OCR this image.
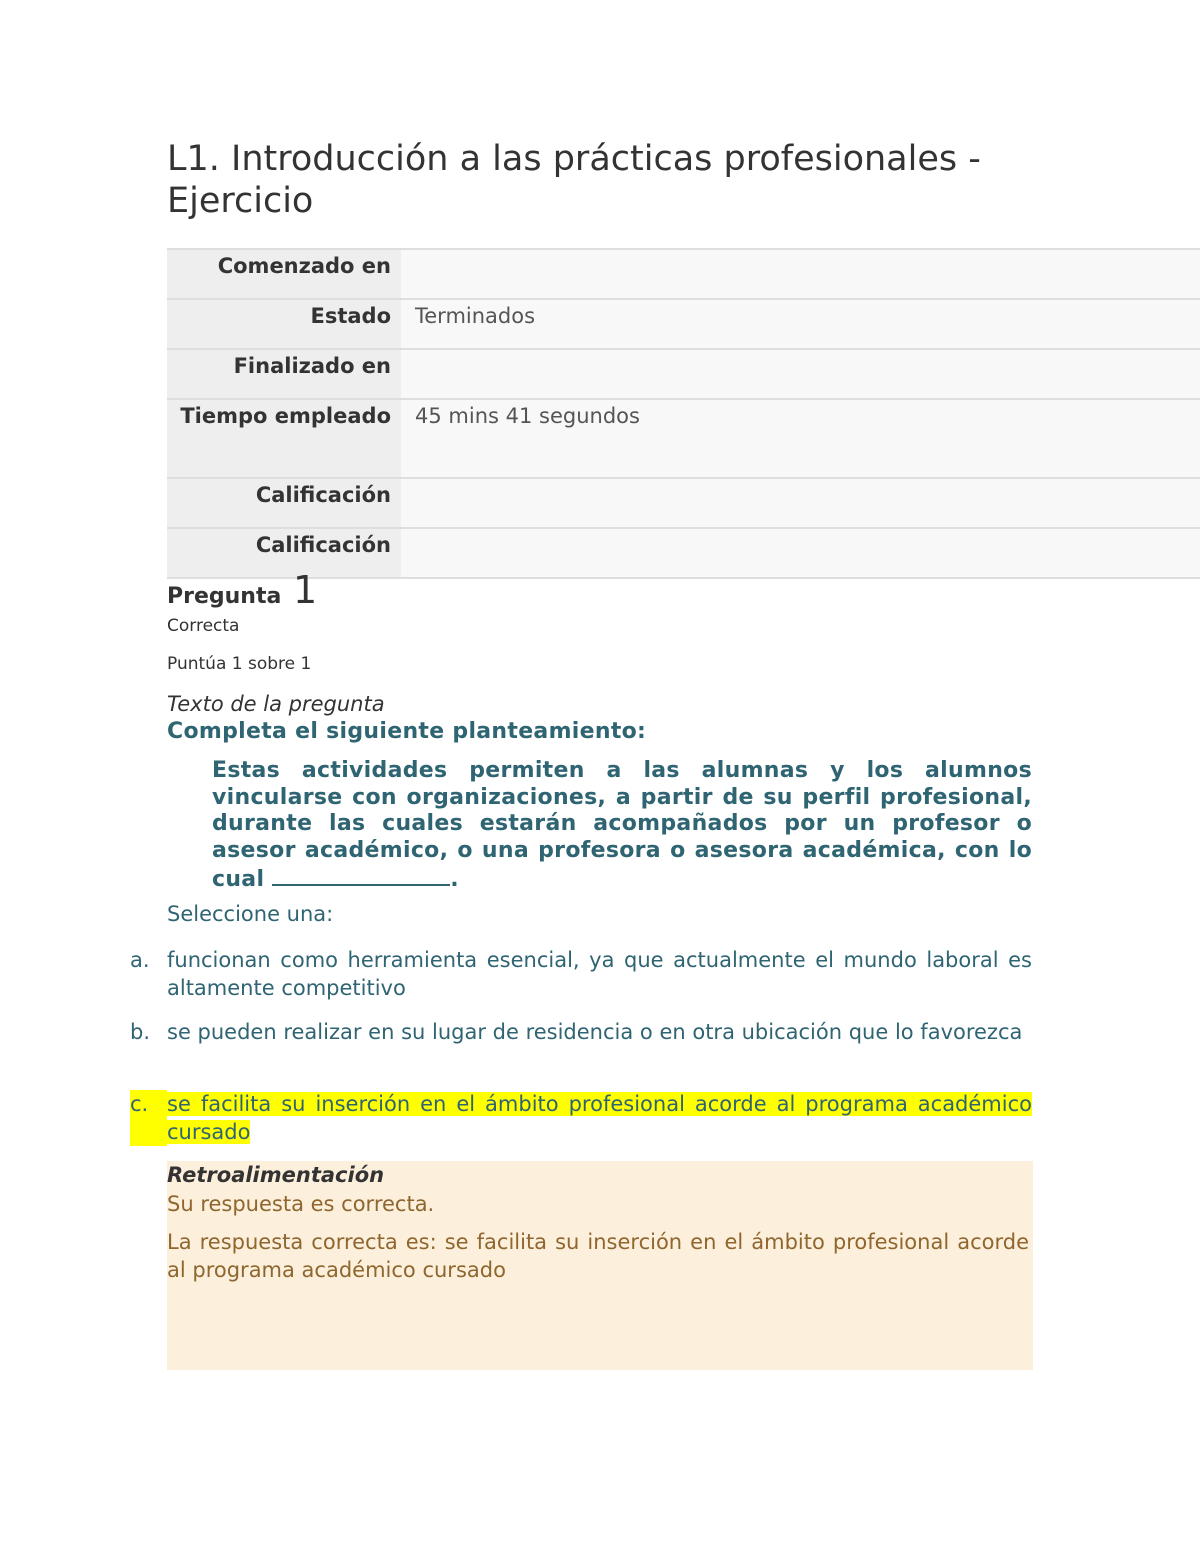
L1. Introducción a las prácticas profesionales - Ejercicio
Comenzado en
Estado	Terminados
Finalizado en
Tiempo empleado	45 mins 41 segundos
Calificación
Calificación
Pregunta 1
Correcta
Puntúa 1 sobre 1
Texto de la pregunta
Completa el siguiente planteamiento:
Estas actividades permiten a las alumnas y los alumnos vincularse con organizaciones, a partir de su perfil profesional, durante las cuales estarán acompañados por un profesor o asesor académico, o una profesora o asesora académica, con lo cual	.
Seleccione una:
a. funcionan como herramienta esencial, ya que actualmente el mundo laboral es altamente competitivo
b. se pueden realizar en su lugar de residencia o en otra ubicación que lo favorezca
c. se facilita su inserción en el ámbito profesional acorde al programa académico cursado
Retroalimentación
Su respuesta es correcta.
La respuesta correcta es: se facilita su inserción en el ámbito profesional acorde al programa académico cursado
